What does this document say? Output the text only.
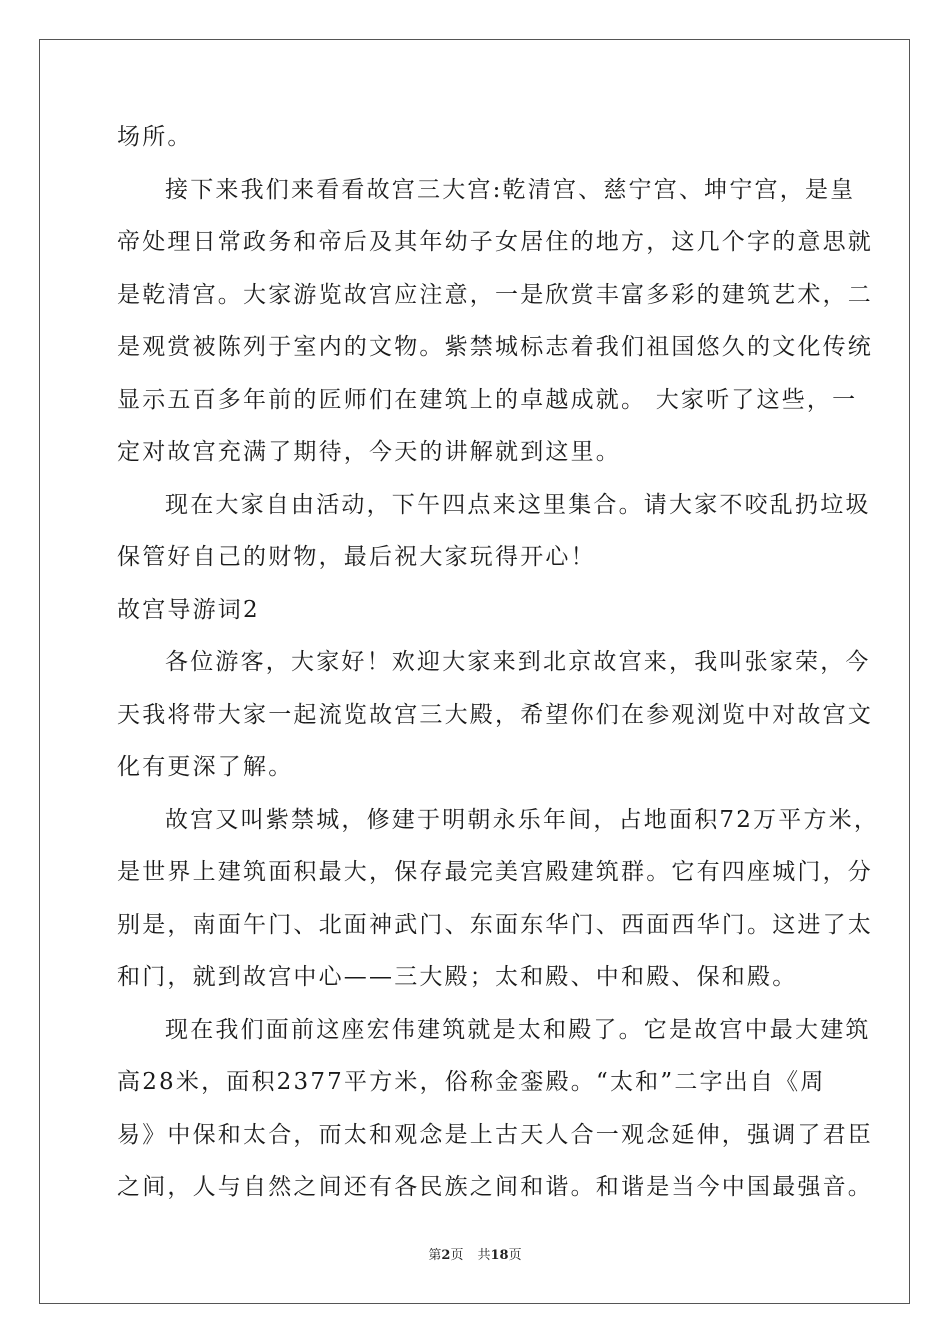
场所。
接下来我们来看看故宫三大宫:乾清宫、慈宁宫、坤宁宫，是皇
帝处理日常政务和帝后及其年幼子女居住的地方，这几个字的意思就
是乾清宫。大家游览故宫应注意，一是欣赏丰富多彩的建筑艺术，二
是观赏被陈列于室内的文物。紫禁城标志着我们祖国悠久的文化传统
显示五百多年前的匠师们在建筑上的卓越成就。 大家听了这些，一
定对故宫充满了期待，今天的讲解就到这里。
现在大家自由活动，下午四点来这里集合。请大家不咬乱扔垃圾
保管好自己的财物，最后祝大家玩得开心！
故宫导游词2
各位游客，大家好！欢迎大家来到北京故宫来，我叫张家荣，今
天我将带大家一起流览故宫三大殿，希望你们在参观浏览中对故宫文
化有更深了解。
故宫又叫紫禁城，修建于明朝永乐年间，占地面积72万平方米，
是世界上建筑面积最大，保存最完美宫殿建筑群。它有四座城门，分
别是，南面午门、北面神武门、东面东华门、西面西华门。这进了太
和门，就到故宫中心——三大殿；太和殿、中和殿、保和殿。
现在我们面前这座宏伟建筑就是太和殿了。它是故宫中最大建筑
高28米，面积2377平方米，俗称金銮殿。“太和”二字出自《周
易》中保和太合，而太和观念是上古天人合一观念延伸，强调了君臣
之间，人与自然之间还有各民族之间和谐。和谐是当今中国最强音。
第2页 共18页
